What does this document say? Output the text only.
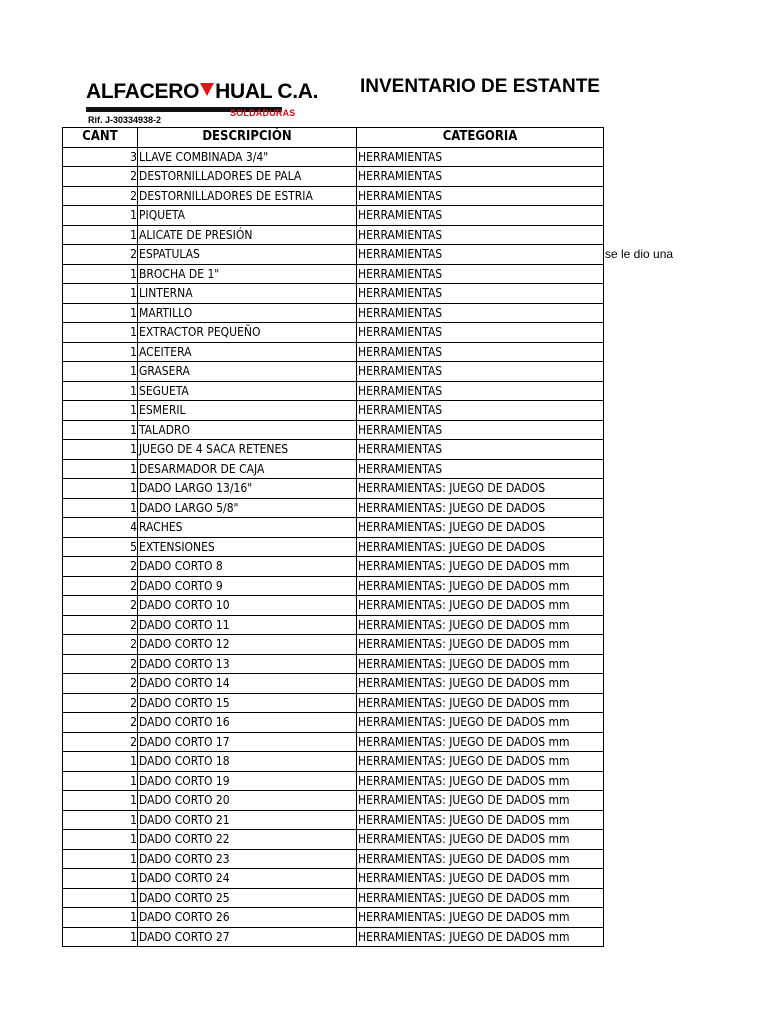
ALFACERO HUAL C.A.
SOLDADURAS
Rif. J-30334938-2
INVENTARIO DE ESTANTE
se le dio una
CANT	DESCRIPCIÓN	CATEGORIA
3	LLAVE COMBINADA 3/4"	HERRAMIENTAS
2	DESTORNILLADORES DE PALA	HERRAMIENTAS
2	DESTORNILLADORES DE ESTRIA	HERRAMIENTAS
1	PIQUETA	HERRAMIENTAS
1	ALICATE DE PRESIÓN	HERRAMIENTAS
2	ESPATULAS	HERRAMIENTAS
1	BROCHA DE 1"	HERRAMIENTAS
1	LINTERNA	HERRAMIENTAS
1	MARTILLO	HERRAMIENTAS
1	EXTRACTOR PEQUEÑO	HERRAMIENTAS
1	ACEITERA	HERRAMIENTAS
1	GRASERA	HERRAMIENTAS
1	SEGUETA	HERRAMIENTAS
1	ESMERIL	HERRAMIENTAS
1	TALADRO	HERRAMIENTAS
1	JUEGO DE 4 SACA RETENES	HERRAMIENTAS
1	DESARMADOR DE CAJA	HERRAMIENTAS
1	DADO LARGO 13/16"	HERRAMIENTAS: JUEGO DE DADOS
1	DADO LARGO 5/8"	HERRAMIENTAS: JUEGO DE DADOS
4	RACHES	HERRAMIENTAS: JUEGO DE DADOS
5	EXTENSIONES	HERRAMIENTAS: JUEGO DE DADOS
2	DADO CORTO 8	HERRAMIENTAS: JUEGO DE DADOS mm
2	DADO CORTO 9	HERRAMIENTAS: JUEGO DE DADOS mm
2	DADO CORTO 10	HERRAMIENTAS: JUEGO DE DADOS mm
2	DADO CORTO 11	HERRAMIENTAS: JUEGO DE DADOS mm
2	DADO CORTO 12	HERRAMIENTAS: JUEGO DE DADOS mm
2	DADO CORTO 13	HERRAMIENTAS: JUEGO DE DADOS mm
2	DADO CORTO 14	HERRAMIENTAS: JUEGO DE DADOS mm
2	DADO CORTO 15	HERRAMIENTAS: JUEGO DE DADOS mm
2	DADO CORTO 16	HERRAMIENTAS: JUEGO DE DADOS mm
2	DADO CORTO 17	HERRAMIENTAS: JUEGO DE DADOS mm
1	DADO CORTO 18	HERRAMIENTAS: JUEGO DE DADOS mm
1	DADO CORTO 19	HERRAMIENTAS: JUEGO DE DADOS mm
1	DADO CORTO 20	HERRAMIENTAS: JUEGO DE DADOS mm
1	DADO CORTO 21	HERRAMIENTAS: JUEGO DE DADOS mm
1	DADO CORTO 22	HERRAMIENTAS: JUEGO DE DADOS mm
1	DADO CORTO 23	HERRAMIENTAS: JUEGO DE DADOS mm
1	DADO CORTO 24	HERRAMIENTAS: JUEGO DE DADOS mm
1	DADO CORTO 25	HERRAMIENTAS: JUEGO DE DADOS mm
1	DADO CORTO 26	HERRAMIENTAS: JUEGO DE DADOS mm
1	DADO CORTO 27	HERRAMIENTAS: JUEGO DE DADOS mm
